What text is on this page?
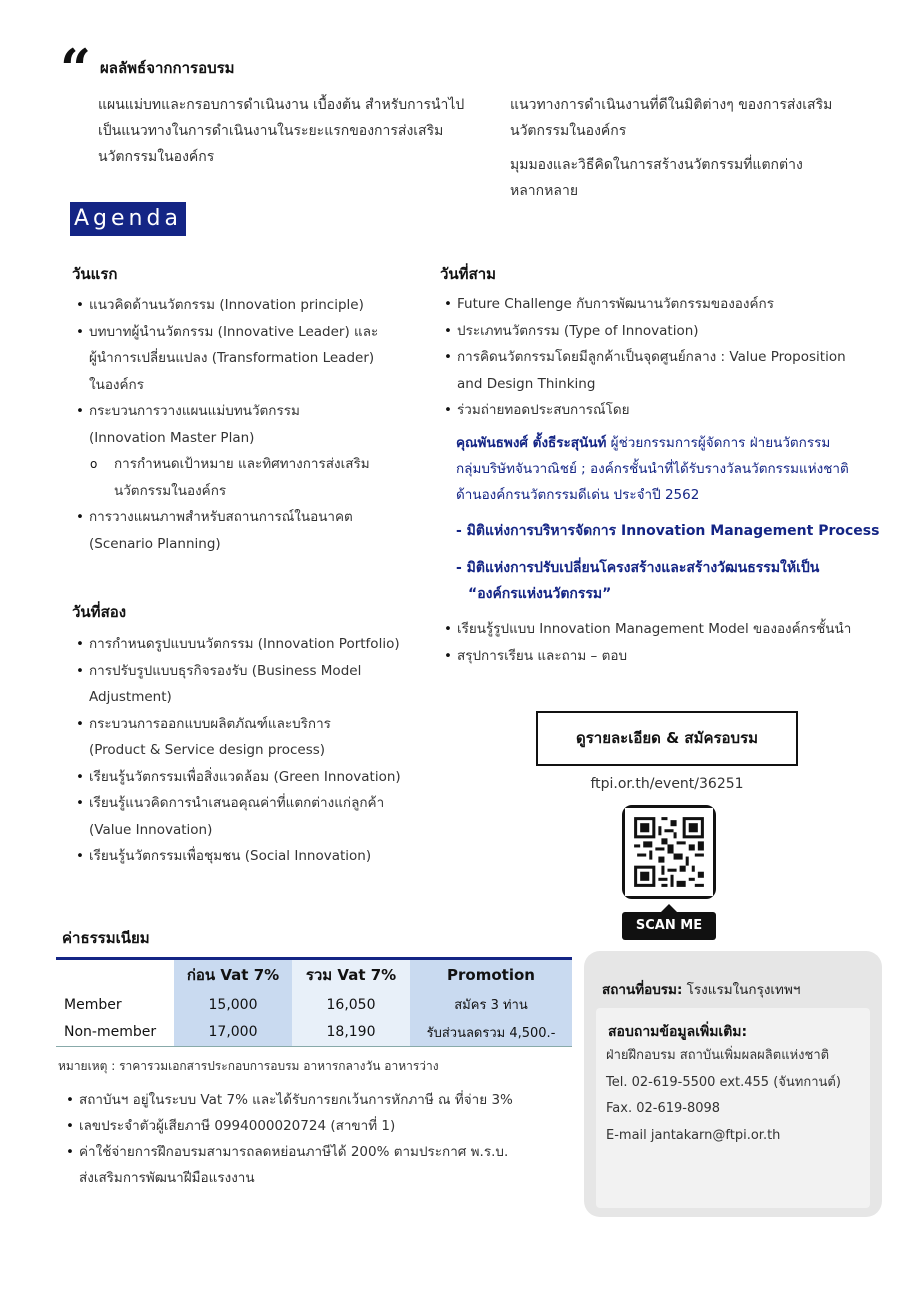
“ ผลลัพธ์จากการอบรม
แผนแม่บทและกรอบการดำเนินงาน เบื้องต้น สำหรับการนำไป
เป็นแนวทางในการดำเนินงานในระยะแรกของการส่งเสริม
นวัตกรรมในองค์กร
แนวทางการดำเนินงานที่ดีในมิติต่างๆ ของการส่งเสริม
นวัตกรรมในองค์กร
มุมมองและวิธีคิดในการสร้างนวัตกรรมที่แตกต่าง
หลากหลาย
Agenda
วันแรก
• แนวคิดด้านนวัตกรรม (Innovation principle)
• บทบาทผู้นำนวัตกรรม (Innovative Leader) และ
ผู้นำการเปลี่ยนแปลง (Transformation Leader)
ในองค์กร
• กระบวนการวางแผนแม่บทนวัตกรรม
(Innovation Master Plan)
o การกำหนดเป้าหมาย และทิศทางการส่งเสริม
นวัตกรรมในองค์กร
• การวางแผนภาพสำหรับสถานการณ์ในอนาคต
(Scenario Planning)
วันที่สอง
• การกำหนดรูปแบบนวัตกรรม (Innovation Portfolio)
• การปรับรูปแบบธุรกิจรองรับ (Business Model
Adjustment)
• กระบวนการออกแบบผลิตภัณฑ์และบริการ
(Product & Service design process)
• เรียนรู้นวัตกรรมเพื่อสิ่งแวดล้อม (Green Innovation)
• เรียนรู้แนวคิดการนำเสนอคุณค่าที่แตกต่างแก่ลูกค้า
(Value Innovation)
• เรียนรู้นวัตกรรมเพื่อชุมชน (Social Innovation)
วันที่สาม
• Future Challenge กับการพัฒนานวัตกรรมขององค์กร
• ประเภทนวัตกรรม (Type of Innovation)
• การคิดนวัตกรรมโดยมีลูกค้าเป็นจุดศูนย์กลาง : Value Proposition
and Design Thinking
• ร่วมถ่ายทอดประสบการณ์โดย
คุณพันธพงศ์ ตั้งธีระสุนันท์ ผู้ช่วยกรรมการผู้จัดการ ฝ่ายนวัตกรรม
กลุ่มบริษัทจันวาณิชย์ ; องค์กรชั้นนำที่ได้รับรางวัลนวัตกรรมแห่งชาติ
ด้านองค์กรนวัตกรรมดีเด่น ประจำปี 2562
- มิติแห่งการบริหารจัดการ Innovation Management Process
- มิติแห่งการปรับเปลี่ยนโครงสร้างและสร้างวัฒนธรรมให้เป็น
“องค์กรแห่งนวัตกรรม”
• เรียนรู้รูปแบบ Innovation Management Model ขององค์กรชั้นนำ
• สรุปการเรียน และถาม – ตอบ
ดูรายละเอียด & สมัครอบรม
ftpi.or.th/event/36251
SCAN ME
ค่าธรรมเนียม
	ก่อน Vat 7%	รวม Vat 7%	Promotion
Member	15,000	16,050	สมัคร 3 ท่าน
Non-member	17,000	18,190	รับส่วนลดรวม 4,500.-
หมายเหตุ : ราคารวมเอกสารประกอบการอบรม อาหารกลางวัน อาหารว่าง
• สถาบันฯ อยู่ในระบบ Vat 7% และได้รับการยกเว้นการหักภาษี ณ ที่จ่าย 3%
• เลขประจำตัวผู้เสียภาษี 0994000020724 (สาขาที่ 1)
• ค่าใช้จ่ายการฝึกอบรมสามารถลดหย่อนภาษีได้ 200% ตามประกาศ พ.ร.บ.
ส่งเสริมการพัฒนาฝีมือแรงงาน
สถานที่อบรม: โรงแรมในกรุงเทพฯ
สอบถามข้อมูลเพิ่มเติม:
ฝ่ายฝึกอบรม สถาบันเพิ่มผลผลิตแห่งชาติ
Tel. 02-619-5500 ext.455 (จันทกานต์)
Fax. 02-619-8098
E-mail jantakarn@ftpi.or.th
